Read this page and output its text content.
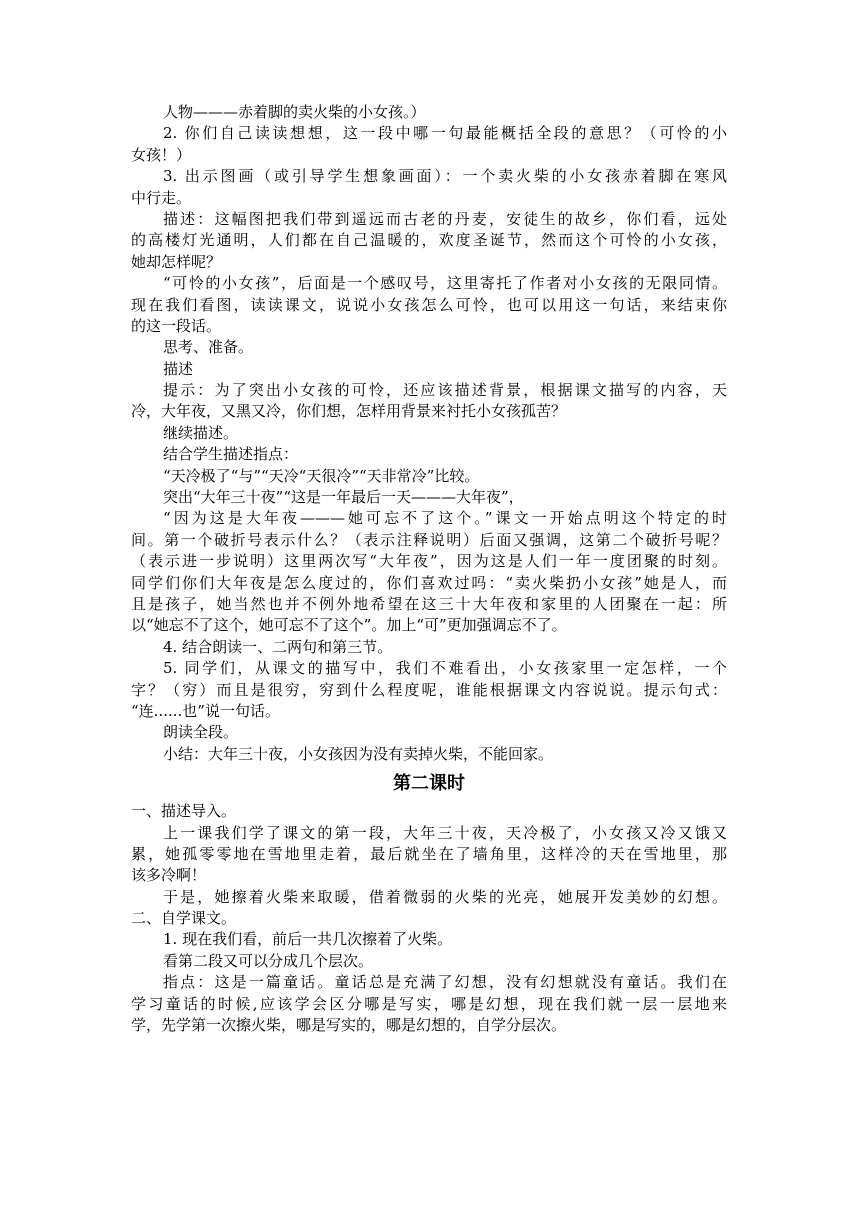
人物———赤着脚的卖火柴的小女孩。）
2. 你们自己读读想想，这一段中哪一句最能概括全段的意思？（可怜的小
女孩！）
3. 出示图画（或引导学生想象画面）：一个卖火柴的小女孩赤着脚在寒风
中行走。
描述：这幅图把我们带到遥远而古老的丹麦，安徒生的故乡，你们看，远处
的高楼灯光通明，人们都在自己温暖的，欢度圣诞节，然而这个可怜的小女孩，
她却怎样呢？
“可怜的小女孩”，后面是一个感叹号，这里寄托了作者对小女孩的无限同情。
现在我们看图，读读课文，说说小女孩怎么可怜，也可以用这一句话，来结束你
的这一段话。
思考、准备。
描述
提示：为了突出小女孩的可怜，还应该描述背景，根据课文描写的内容，天
冷，大年夜，又黑又冷，你们想，怎样用背景来衬托小女孩孤苦？
继续描述。
结合学生描述指点：
“天冷极了“与”“天冷“天很冷”“天非常冷”比较。
突出“大年三十夜”“这是一年最后一天———大年夜”，
“因为这是大年夜———她可忘不了这个。”课文一开始点明这个特定的时
间。第一个破折号表示什么？（表示注释说明）后面又强调，这第二个破折号呢？
（表示进一步说明）这里两次写“大年夜”，因为这是人们一年一度团聚的时刻。
同学们你们大年夜是怎么度过的，你们喜欢过吗：“卖火柴扔小女孩”她是人，而
且是孩子，她当然也并不例外地希望在这三十大年夜和家里的人团聚在一起：所
以“她忘不了这个，她可忘不了这个”。加上“可”更加强调忘不了。
4. 结合朗读一、二两句和第三节。
5. 同学们，从课文的描写中，我们不难看出，小女孩家里一定怎样，一个
字？（穷）而且是很穷，穷到什么程度呢，谁能根据课文内容说说。提示句式：
“连......也”说一句话。
朗读全段。
小结：大年三十夜，小女孩因为没有卖掉火柴，不能回家。
第二课时
一、描述导入。
上一课我们学了课文的第一段，大年三十夜，天冷极了，小女孩又冷又饿又
累，她孤零零地在雪地里走着，最后就坐在了墙角里，这样冷的天在雪地里，那
该多冷啊！
于是，她擦着火柴来取暖，借着微弱的火柴的光亮，她展开发美妙的幻想。
二、自学课文。
1. 现在我们看，前后一共几次擦着了火柴。
看第二段又可以分成几个层次。
指点：这是一篇童话。童话总是充满了幻想，没有幻想就没有童话。我们在
学习童话的时候,应该学会区分哪是写实，哪是幻想，现在我们就一层一层地来
学，先学第一次擦火柴，哪是写实的，哪是幻想的，自学分层次。
